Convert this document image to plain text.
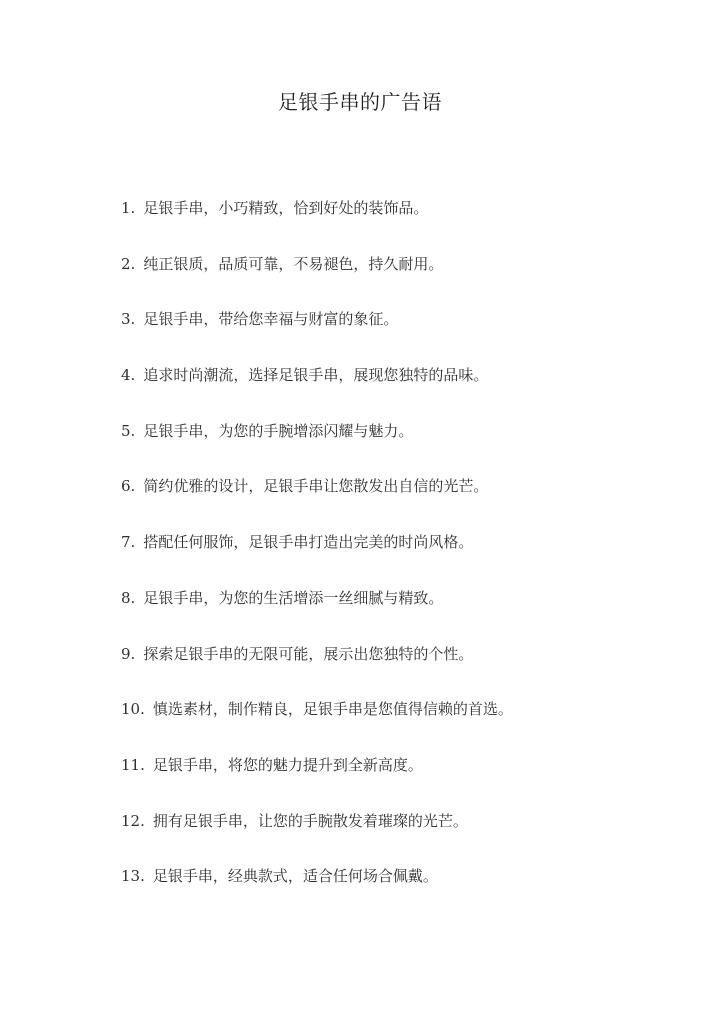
足银手串的广告语
1. 足银手串，小巧精致，恰到好处的装饰品。
2. 纯正银质，品质可靠，不易褪色，持久耐用。
3. 足银手串，带给您幸福与财富的象征。
4. 追求时尚潮流，选择足银手串，展现您独特的品味。
5. 足银手串，为您的手腕增添闪耀与魅力。
6. 简约优雅的设计，足银手串让您散发出自信的光芒。
7. 搭配任何服饰，足银手串打造出完美的时尚风格。
8. 足银手串，为您的生活增添一丝细腻与精致。
9. 探索足银手串的无限可能，展示出您独特的个性。
10. 慎选素材，制作精良，足银手串是您值得信赖的首选。
11. 足银手串，将您的魅力提升到全新高度。
12. 拥有足银手串，让您的手腕散发着璀璨的光芒。
13. 足银手串，经典款式，适合任何场合佩戴。
